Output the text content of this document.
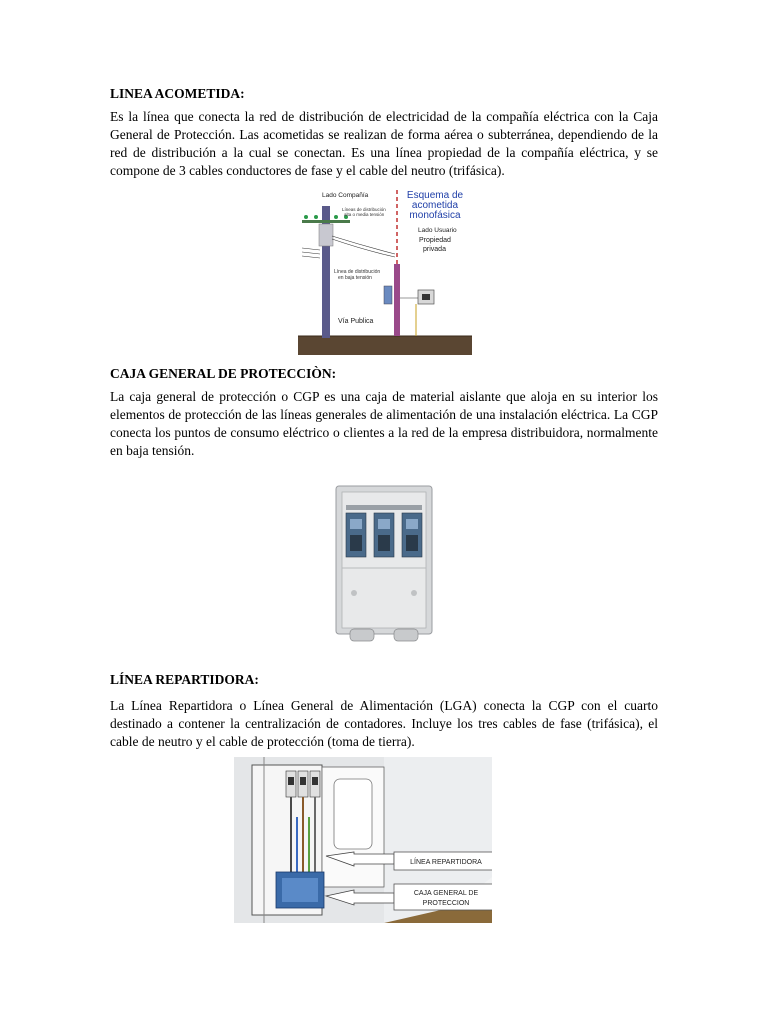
LINEA ACOMETIDA:

Es la línea que conecta la red de distribución de electricidad de la compañía eléctrica con la Caja General de Protección. Las acometidas se realizan de forma aérea o subterránea, dependiendo de la red de distribución a la cual se conectan. Es una línea propiedad de la compañía eléctrica, y se compone de 3 cables conductores de fase y el cable del neutro (trifásica).

Lado Compañía	Esquema de
acometida
monofásica
Líneas de distribución
alta o media tensión
Lado Usuario
Propiedad
privada
Línea de distribución
en baja tensión
Vía Publica
CAJA GENERAL DE PROTECCIÒN:

La caja general de protección o CGP es una caja de material aislante que aloja en su interior los elementos de protección de las líneas generales de alimentación de una instalación eléctrica. La CGP conecta los puntos de consumo eléctrico o clientes a la red de la empresa distribuidora, normalmente en baja tensión.

LÍNEA REPARTIDORA:

La Línea Repartidora o Línea General de Alimentación (LGA) conecta la CGP con el cuarto destinado a contener la centralización de contadores. Incluye los tres cables de fase (trifásica), el cable de neutro y el cable de protección (toma de tierra).

LÍNEA REPARTIDORA
CAJA GENERAL DE
PROTECCION
